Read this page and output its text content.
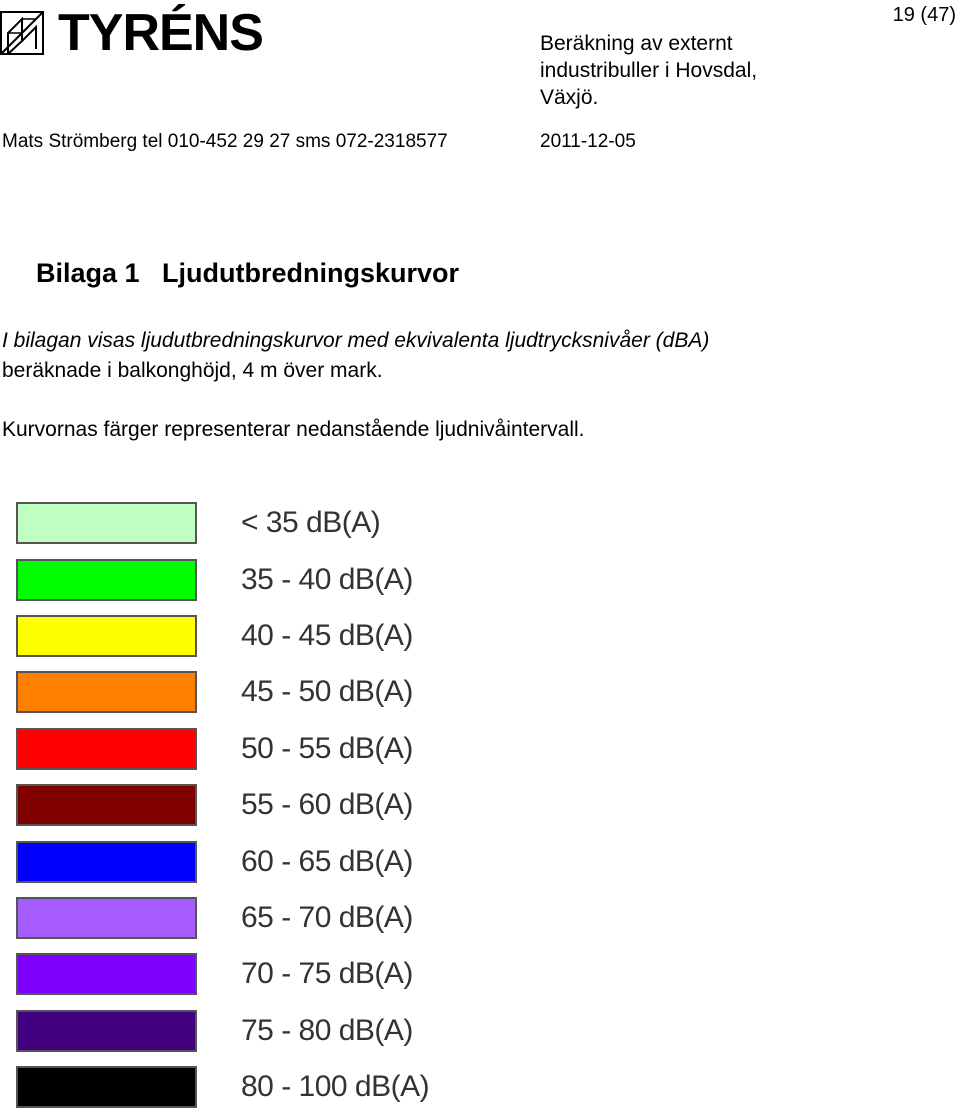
TYRÉNS	19 (47)
Beräkning av externt
industribuller i Hovsdal,
Växjö.
Mats Strömberg tel 010-452 29 27 sms 072-2318577	2011-12-05
Bilaga 1   Ljudutbredningskurvor
I bilagan visas ljudutbredningskurvor med ekvivalenta ljudtrycksnivåer (dBA)
beräknade i balkonghöjd, 4 m över mark.
Kurvornas färger representerar nedanstående ljudnivåintervall.
< 35 dB(A)
35 - 40 dB(A)
40 - 45 dB(A)
45 - 50 dB(A)
50 - 55 dB(A)
55 - 60 dB(A)
60 - 65 dB(A)
65 - 70 dB(A)
70 - 75 dB(A)
75 - 80 dB(A)
80 - 100 dB(A)
